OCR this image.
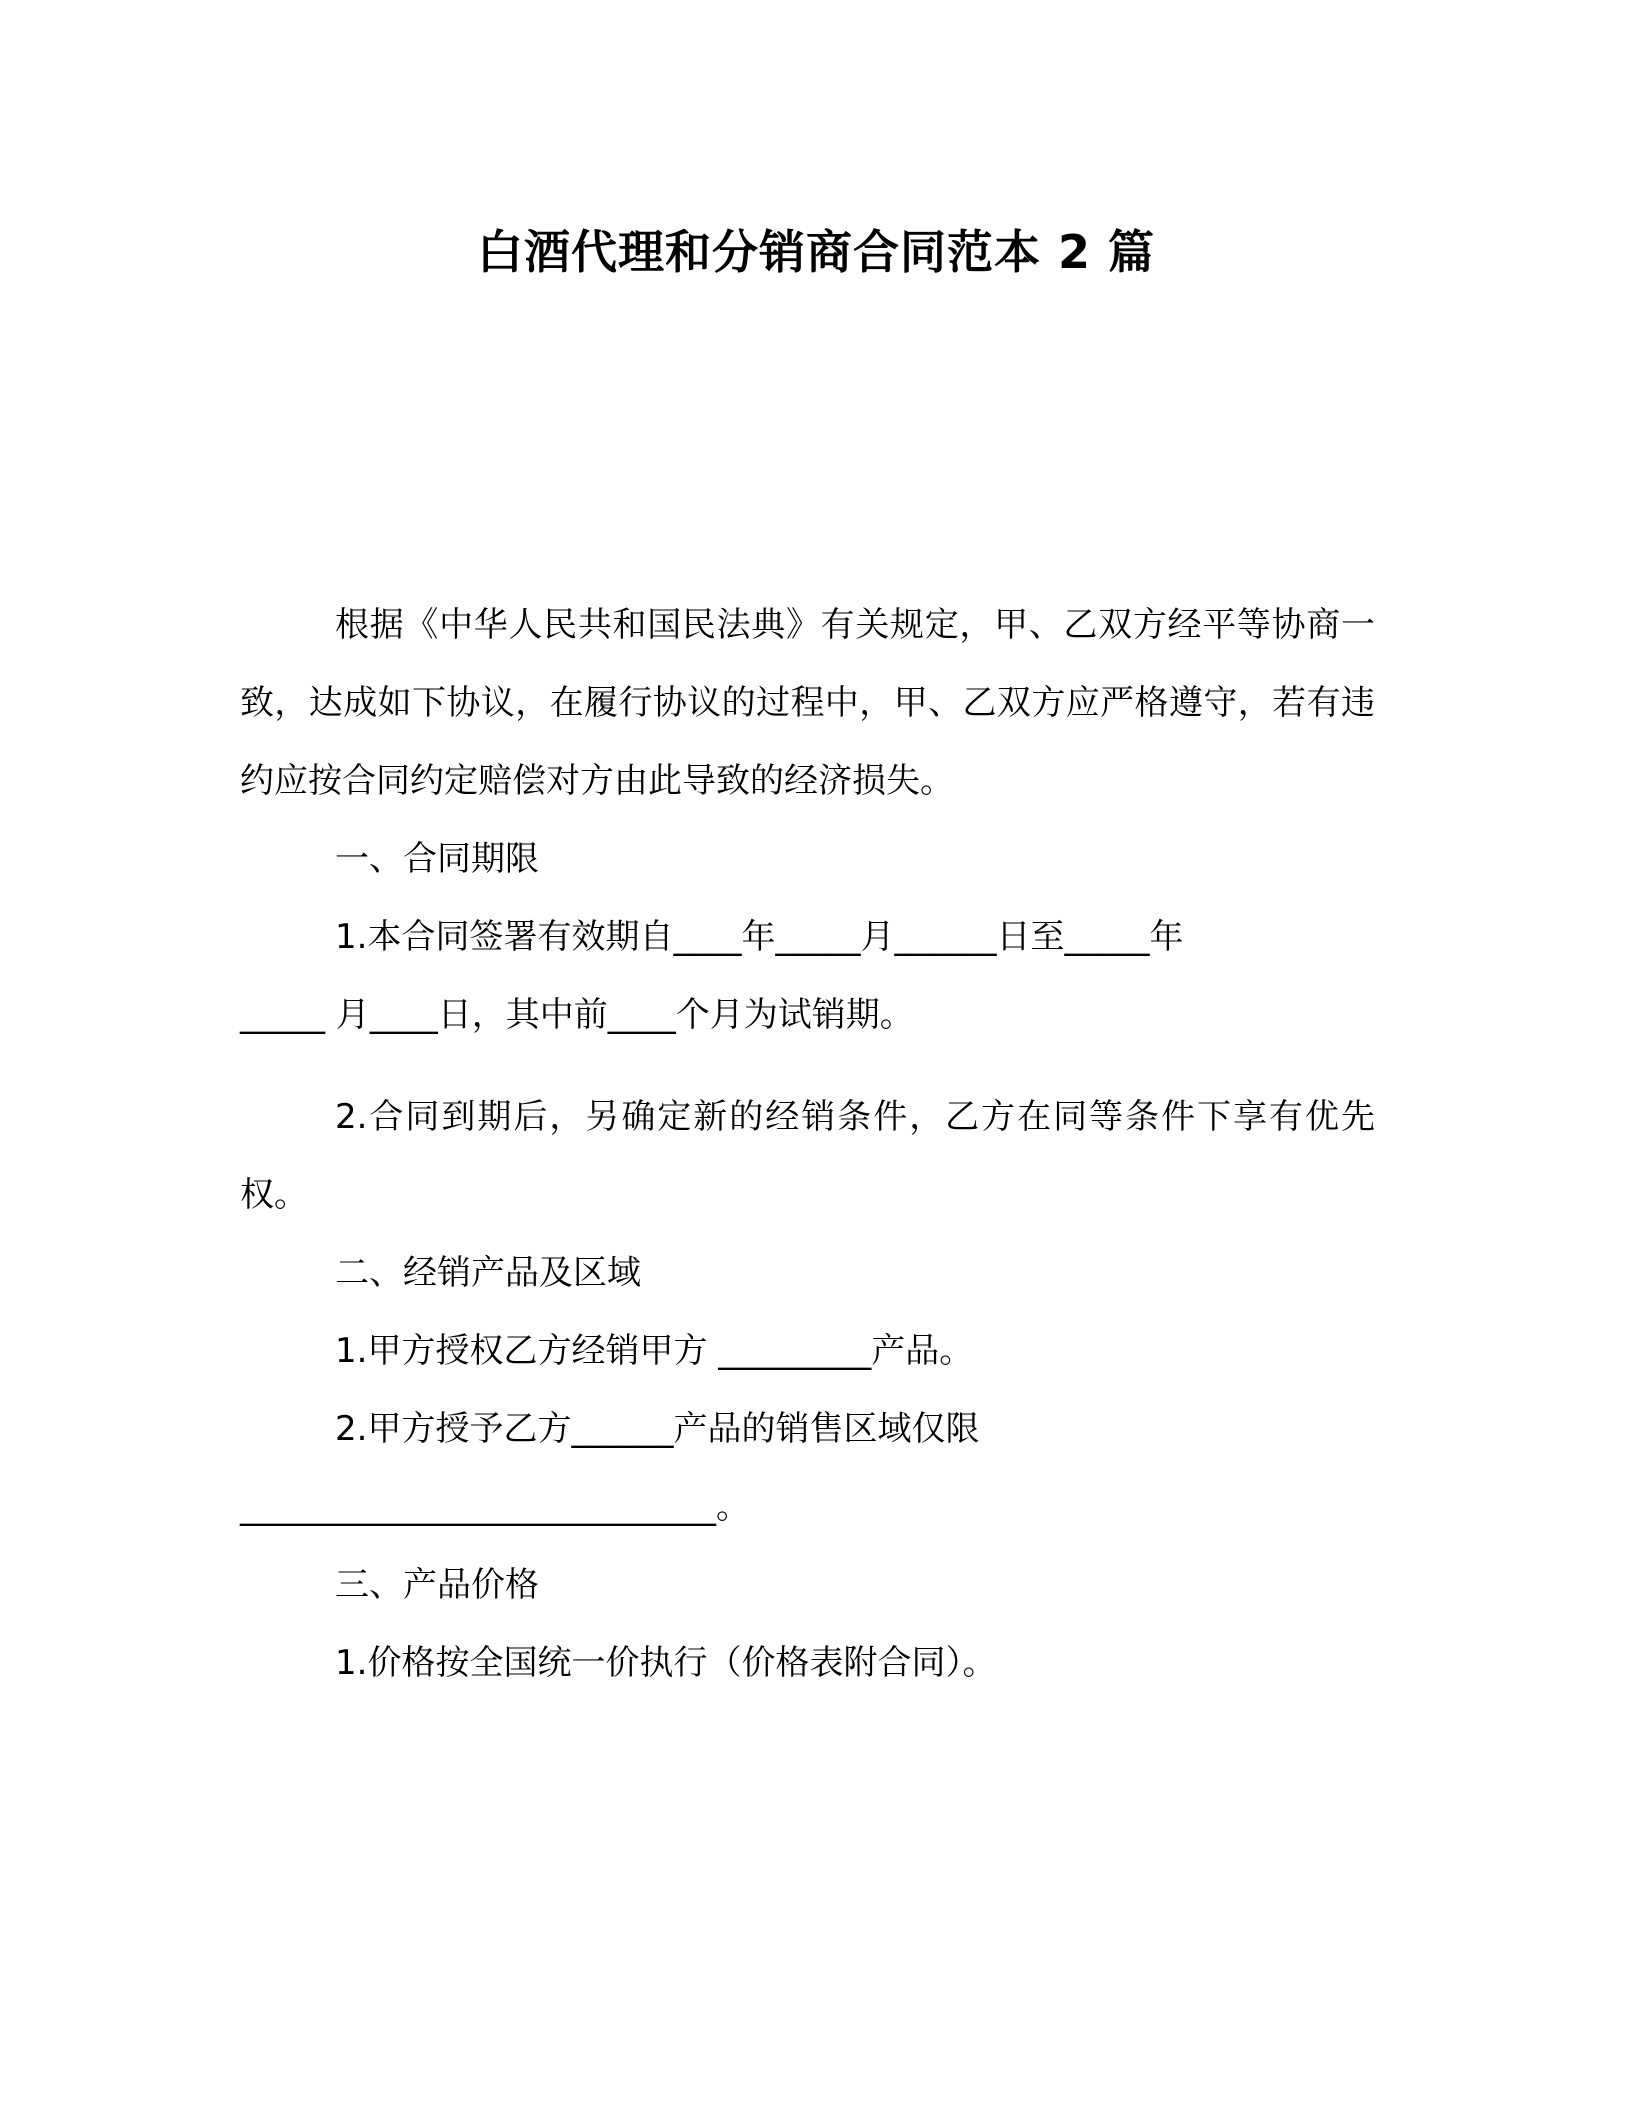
白酒代理和分销商合同范本 2 篇

根据《中华人民共和国民法典》有关规定，甲、乙双方经平等协商一致，达成如下协议，在履行协议的过程中，甲、乙双方应严格遵守，若有违约应按合同约定赔偿对方由此导致的经济损失。

一、合同期限

1.本合同签署有效期自____年_____月______日至_____年

_____ 月____日，其中前____个月为试销期。

2.合同到期后，另确定新的经销条件，乙方在同等条件下享有优先权。

二、经销产品及区域

1.甲方授权乙方经销甲方 _________产品。

2.甲方授予乙方______产品的销售区域仅限

____________________________。

三、产品价格

1.价格按全国统一价执行（价格表附合同）。
